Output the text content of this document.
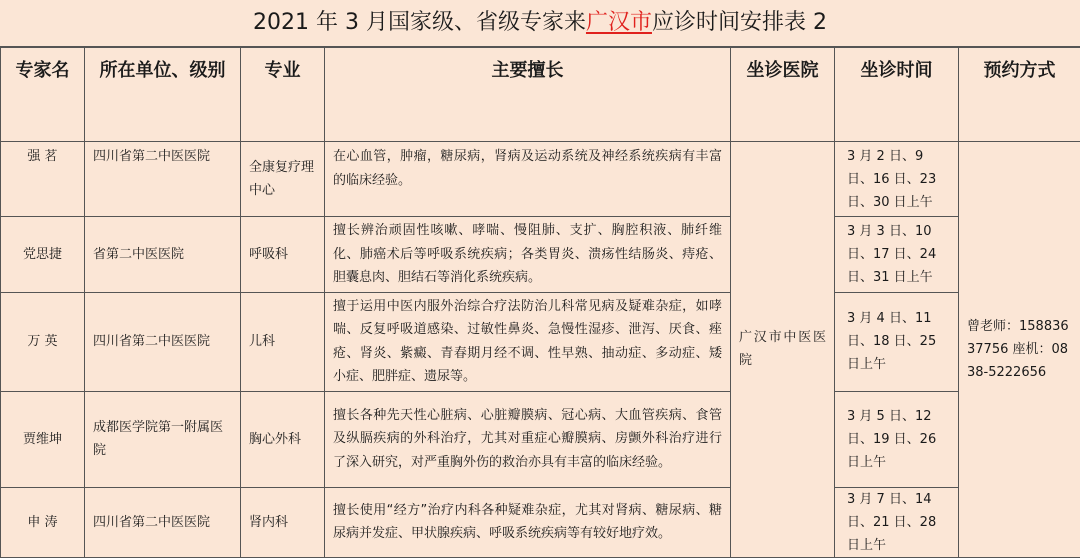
2021 年 3 月国家级、省级专家来广汉市应诊时间安排表 2
专家名	所在单位、级别	专业	主要擅长	坐诊医院	坐诊时间	预约方式
强 茗	四川省第二中医医院	全康复疗理中心	在心血管，肿瘤，糖尿病，肾病及运动系统及神经系统疾病有丰富的临床经验。	广汉市中医医院	3 月 2 日、9 日、16 日、23 日、30 日上午	曾老师：15883637756 座机：0838-5222656
党思捷	省第二中医医院	呼吸科	擅长辨治顽固性咳嗽、哮喘、慢阻肺、支扩、胸腔积液、肺纤维化、肺癌术后等呼吸系统疾病；各类胃炎、溃疡性结肠炎、痔疮、胆囊息肉、胆结石等消化系统疾病。		3 月 3 日、10 日、17 日、24 日、31 日上午	
万 英	四川省第二中医医院	儿科	擅于运用中医内服外治综合疗法防治儿科常见病及疑难杂症，如哮喘、反复呼吸道感染、过敏性鼻炎、急慢性湿疹、泄泻、厌食、痤疮、肾炎、紫癜、青春期月经不调、性早熟、抽动症、多动症、矮小症、肥胖症、遗尿等。		3 月 4 日、11 日、18 日、25 日上午	
贾维坤	成都医学院第一附属医院	胸心外科	擅长各种先天性心脏病、心脏瓣膜病、冠心病、大血管疾病、食管及纵膈疾病的外科治疗，尤其对重症心瓣膜病、房颤外科治疗进行了深入研究，对严重胸外伤的救治亦具有丰富的临床经验。		3 月 5 日、12 日、19 日、26 日上午	
申 涛	四川省第二中医医院	肾内科	擅长使用“经方”治疗内科各种疑难杂症，尤其对肾病、糖尿病、糖尿病并发症、甲状腺疾病、呼吸系统疾病等有较好地疗效。		3 月 7 日、14 日、21 日、28 日上午	
